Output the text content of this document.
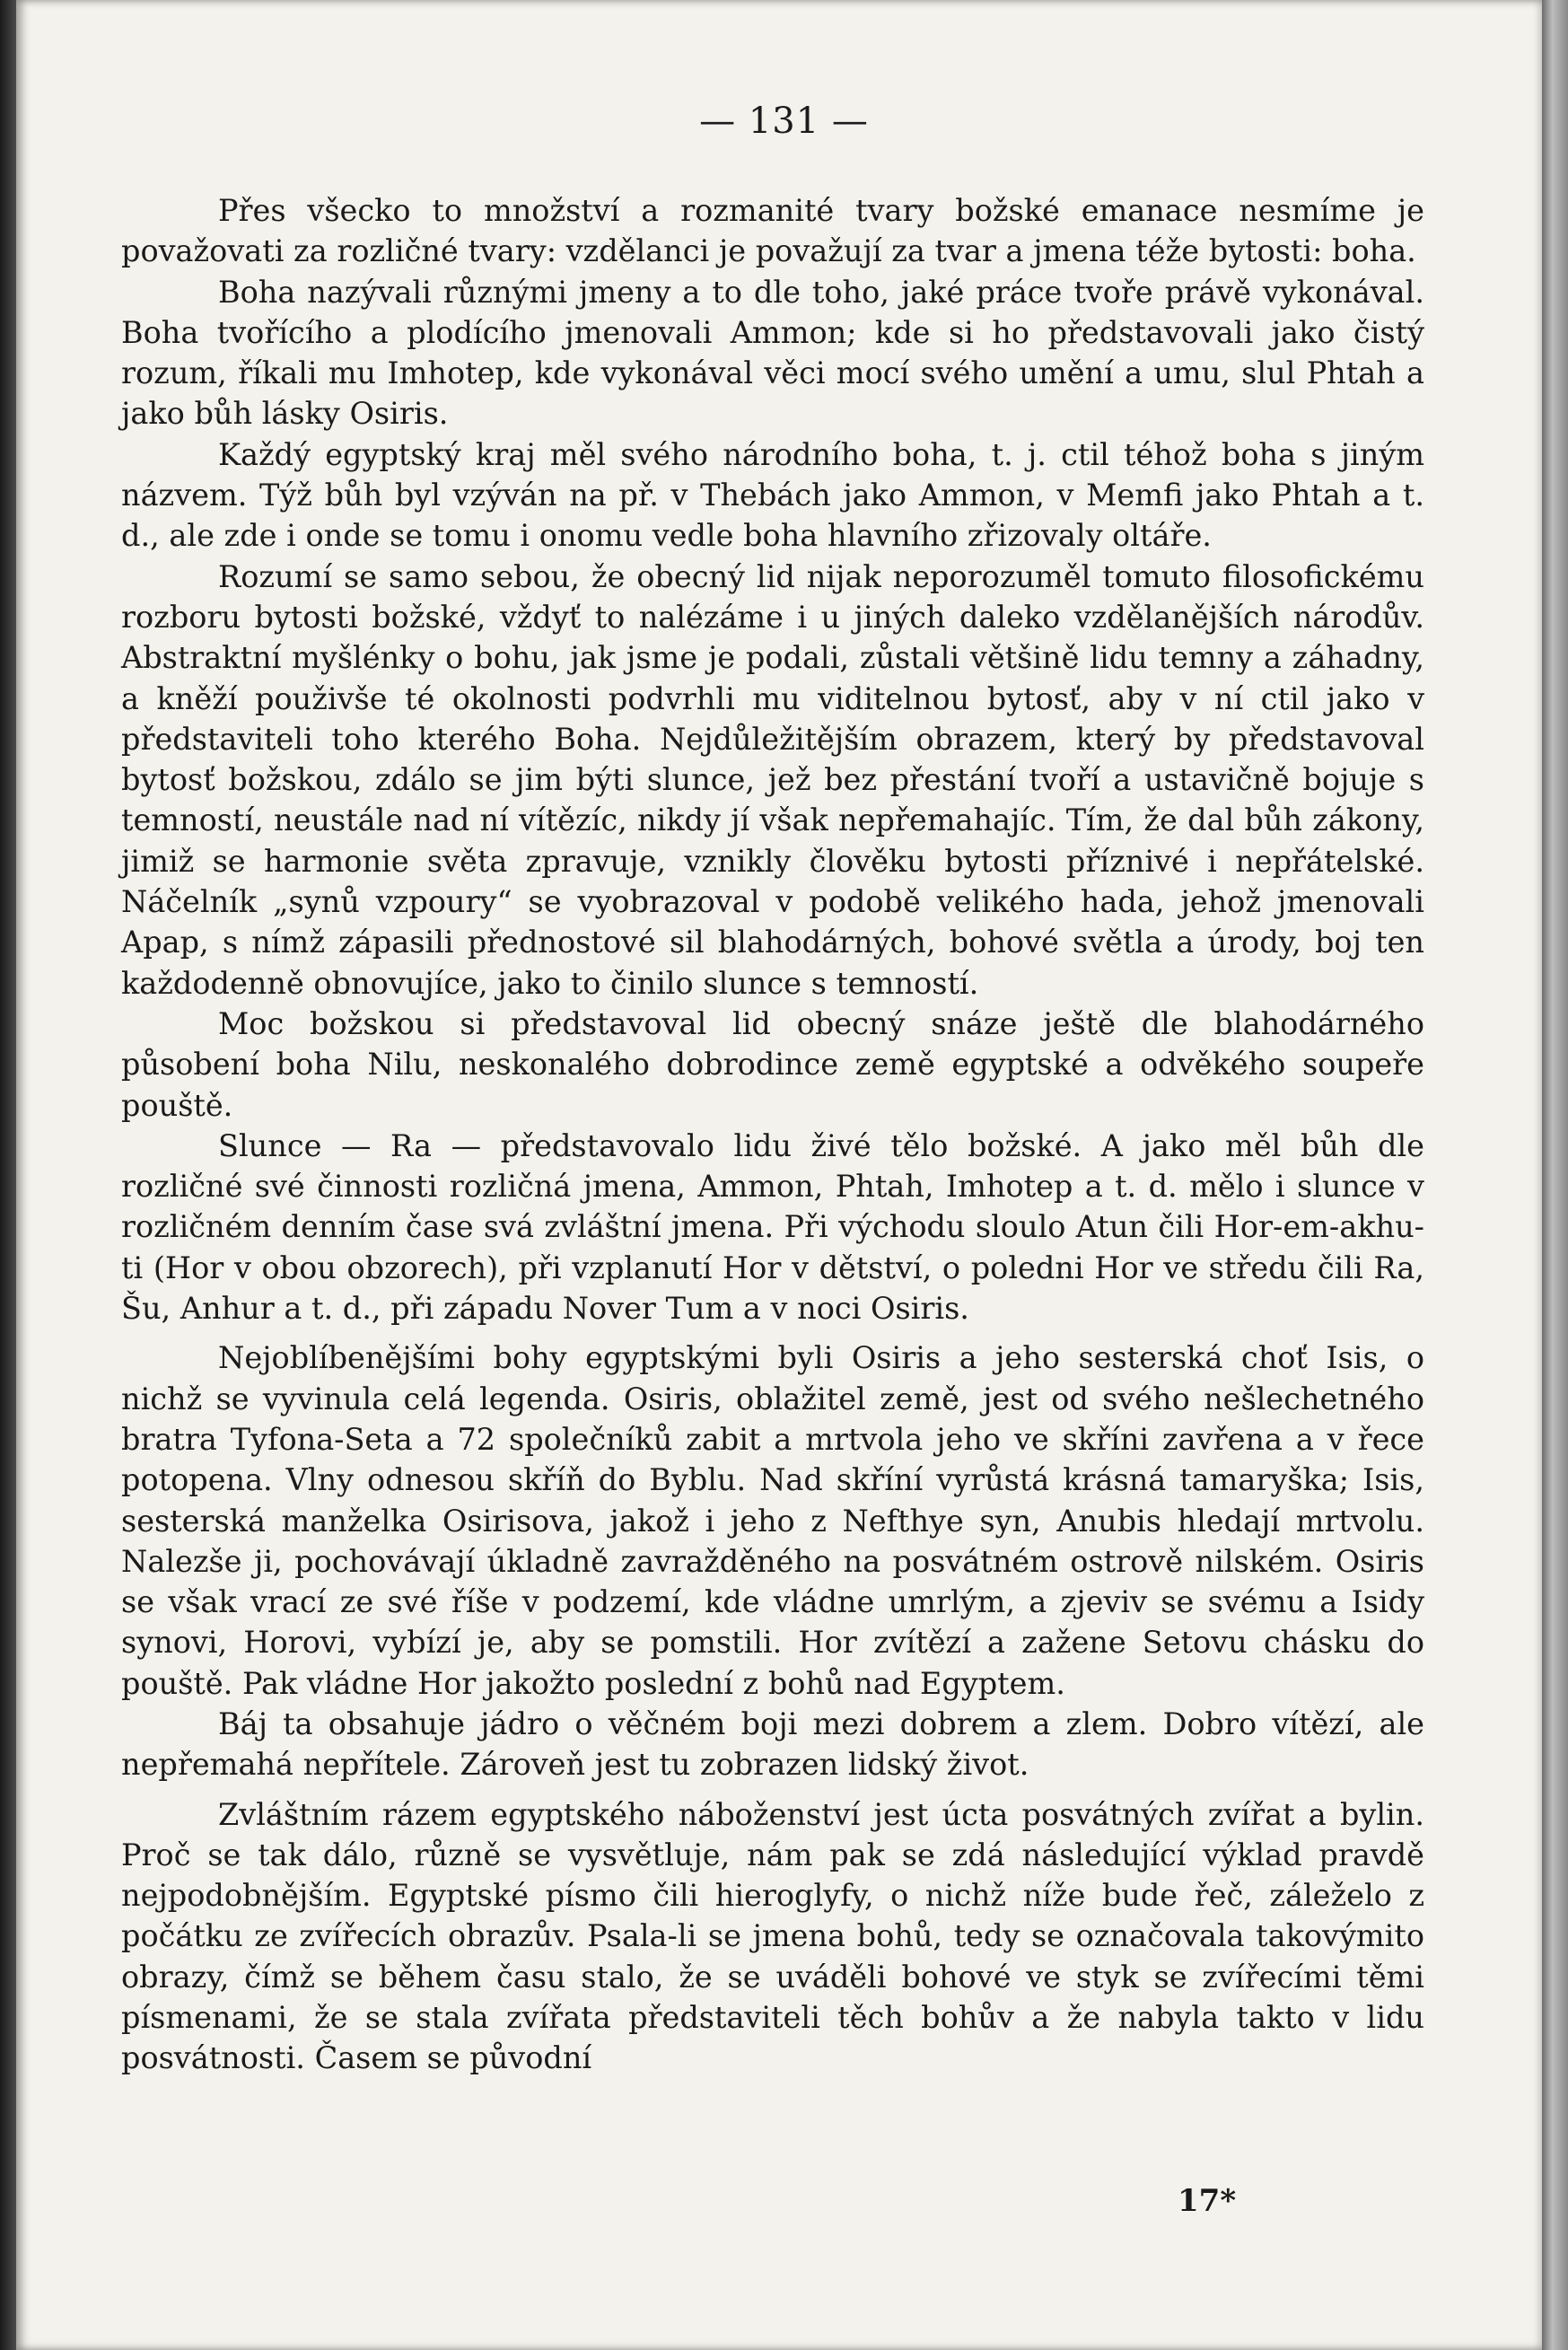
— 131 —

Přes všecko to množství a rozmanité tvary božské emanace nesmíme je považovati za rozličné tvary: vzdělanci je považují za tvar a jmena téže bytosti: boha.

Boha nazývali různými jmeny a to dle toho, jaké práce tvoře právě vykonával. Boha tvořícího a plodícího jmenovali Ammon; kde si ho představovali jako čistý rozum, říkali mu Imhotep, kde vykonával věci mocí svého umění a umu, slul Phtah a jako bůh lásky Osiris.

Každý egyptský kraj měl svého národního boha, t. j. ctil téhož boha s jiným názvem. Týž bůh byl vzýván na př. v Thebách jako Ammon, v Memfi jako Phtah a t. d., ale zde i onde se tomu i onomu vedle boha hlavního zřizovaly oltáře.

Rozumí se samo sebou, že obecný lid nijak neporozuměl tomuto filosofickému rozboru bytosti božské, vždyť to nalézáme i u jiných daleko vzdělanějších národův. Abstraktní myšlénky o bohu, jak jsme je podali, zůstali většině lidu temny a záhadny, a kněží použivše té okolnosti podvrhli mu viditelnou bytosť, aby v ní ctil jako v představiteli toho kterého Boha. Nejdůležitějším obrazem, který by představoval bytosť božskou, zdálo se jim býti slunce, jež bez přestání tvoří a ustavičně bojuje s temností, neustále nad ní vítězíc, nikdy jí však nepřemahajíc. Tím, že dal bůh zákony, jimiž se harmonie světa zpravuje, vznikly člověku bytosti příznivé i nepřátelské. Náčelník „synů vzpoury“ se vyobrazoval v podobě velikého hada, jehož jmenovali Apap, s nímž zápasili přednostové sil blahodárných, bohové světla a úrody, boj ten každodenně obnovujíce, jako to činilo slunce s temností.

Moc božskou si představoval lid obecný snáze ještě dle blahodárného působení boha Nilu, neskonalého dobrodince země egyptské a odvěkého soupeře pouště.

Slunce — Ra — představovalo lidu živé tělo božské. A jako měl bůh dle rozličné své činnosti rozličná jmena, Ammon, Phtah, Imhotep a t. d. mělo i slunce v rozličném denním čase svá zvláštní jmena. Při východu sloulo Atun čili Hor-em-akhu-ti (Hor v obou obzorech), při vzplanutí Hor v dětství, o poledni Hor ve středu čili Ra, Šu, Anhur a t. d., při západu Nover Tum a v noci Osiris.

Nejoblíbenějšími bohy egyptskými byli Osiris a jeho sesterská choť Isis, o nichž se vyvinula celá legenda. Osiris, oblažitel země, jest od svého nešlechetného bratra Tyfona-Seta a 72 společníků zabit a mrtvola jeho ve skříni zavřena a v řece potopena. Vlny odnesou skříň do Byblu. Nad skříní vyrůstá krásná tamaryška; Isis, sesterská manželka Osirisova, jakož i jeho z Nefthye syn, Anubis hledají mrtvolu. Nalezše ji, pochovávají úkladně zavražděného na posvátném ostrově nilském. Osiris se však vrací ze své říše v podzemí, kde vládne umrlým, a zjeviv se svému a Isidy synovi, Horovi, vybízí je, aby se pomstili. Hor zvítězí a zažene Setovu chásku do pouště. Pak vládne Hor jakožto poslední z bohů nad Egyptem.

Báj ta obsahuje jádro o věčném boji mezi dobrem a zlem. Dobro vítězí, ale nepřemahá nepřítele. Zároveň jest tu zobrazen lidský život.

Zvláštním rázem egyptského náboženství jest úcta posvátných zvířat a bylin. Proč se tak dálo, různě se vysvětluje, nám pak se zdá následující výklad pravdě nejpodobnějším. Egyptské písmo čili hieroglyfy, o nichž níže bude řeč, záleželo z počátku ze zvířecích obrazův. Psala-li se jmena bohů, tedy se označovala takovýmito obrazy, čímž se během času stalo, že se uváděli bohové ve styk se zvířecími těmi písmenami, že se stala zvířata představiteli těch bohův a že nabyla takto v lidu posvátnosti. Časem se původní

17*
